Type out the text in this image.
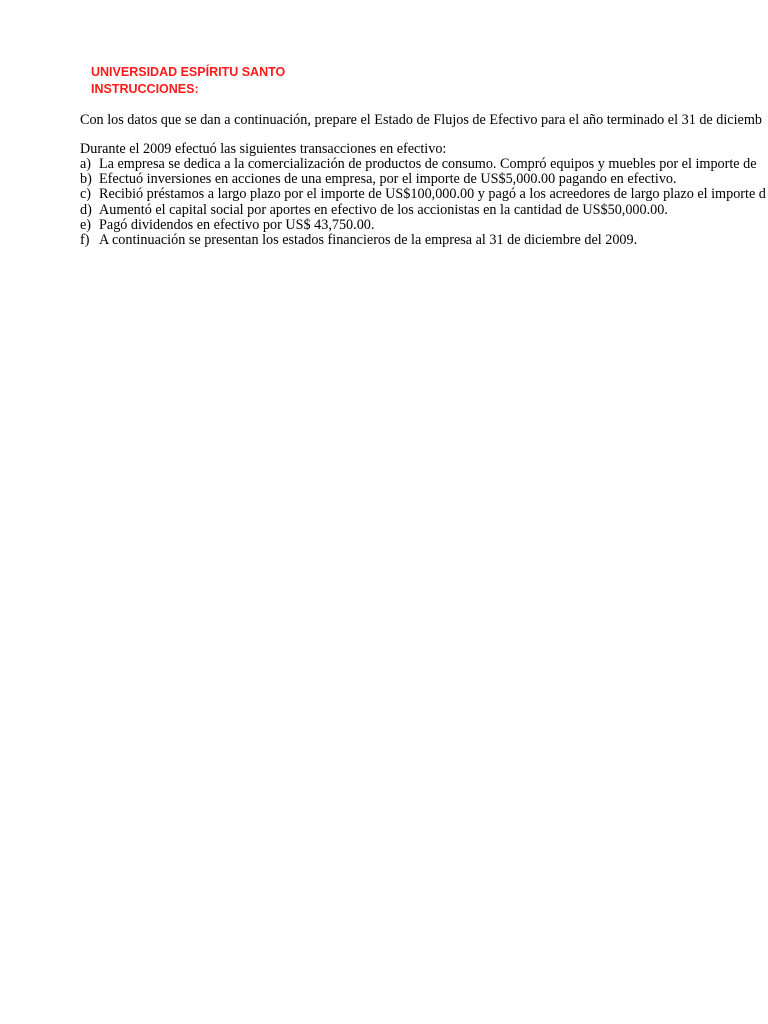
UNIVERSIDAD ESPÍRITU SANTO
INSTRUCCIONES:
Con los datos que se dan a continuación, prepare el Estado de Flujos de Efectivo para el año terminado el 31 de diciemb
Durante el 2009 efectuó las siguientes transacciones en efectivo:
a) La empresa se dedica a la comercialización de productos de consumo. Compró equipos y muebles por el importe de
b) Efectuó inversiones en acciones de una empresa, por el importe de US$5,000.00 pagando en efectivo.
c) Recibió préstamos a largo plazo por el importe de US$100,000.00 y pagó a los acreedores de largo plazo el importe d
d) Aumentó el capital social por aportes en efectivo de los accionistas en la cantidad de US$50,000.00.
e) Pagó dividendos en efectivo por US$ 43,750.00.
f) A continuación se presentan los estados financieros de la empresa al 31 de diciembre del 2009.
